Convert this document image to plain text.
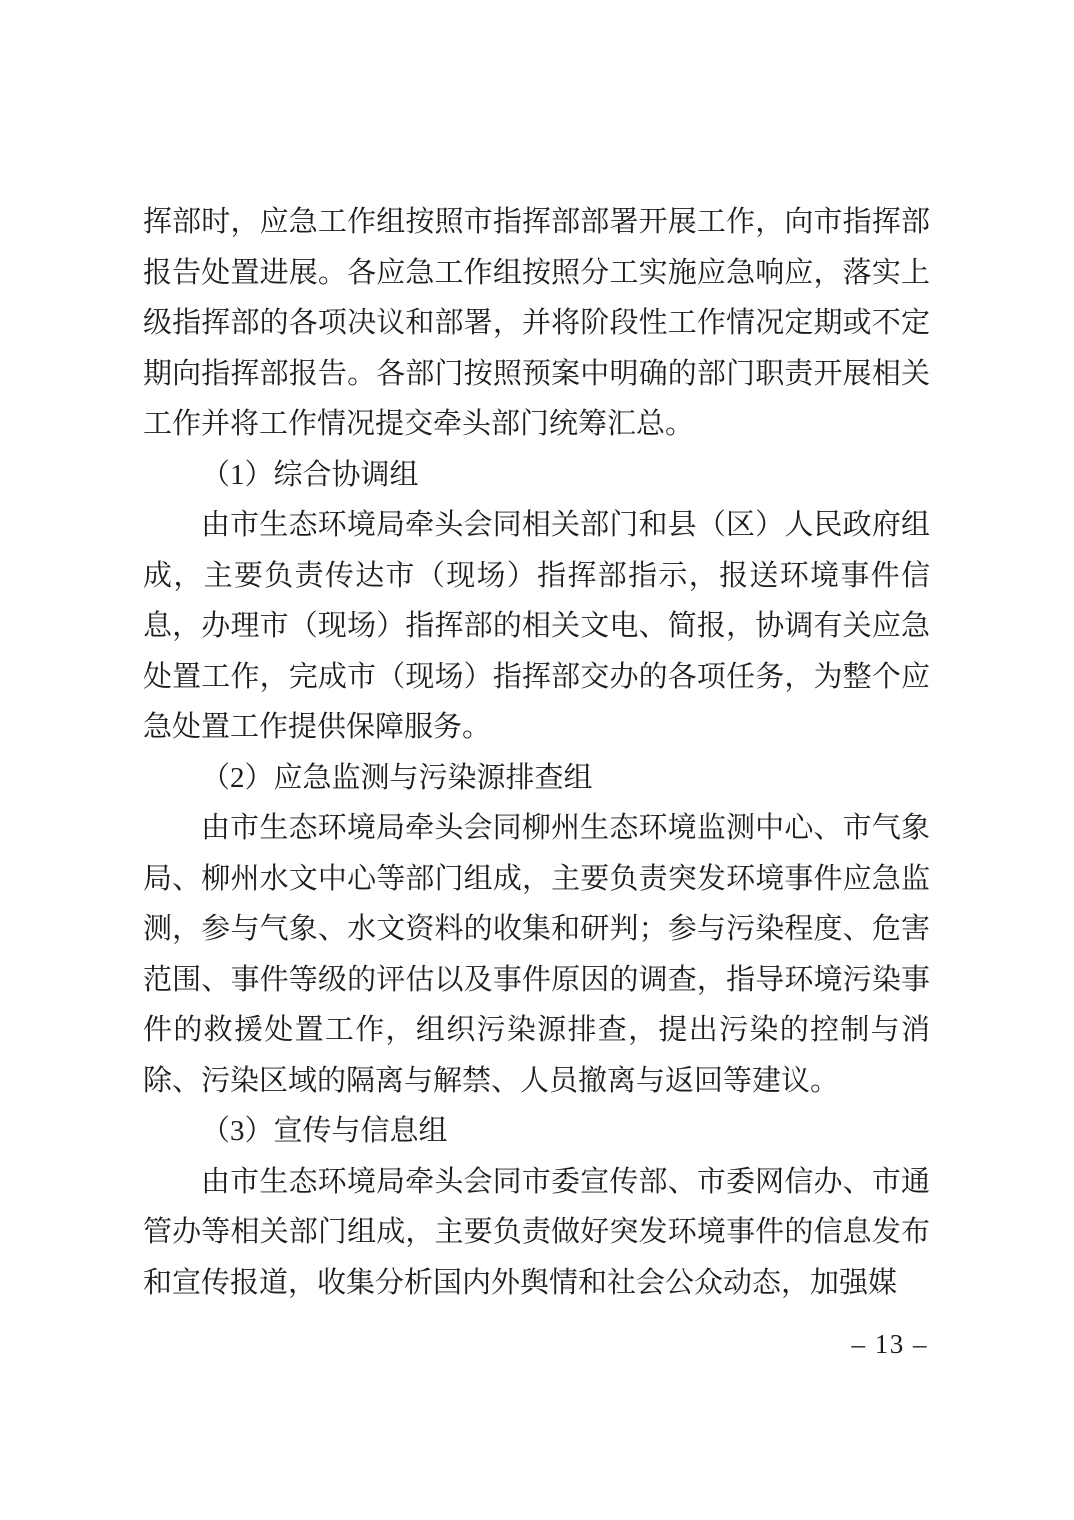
挥部时，应急工作组按照市指挥部部署开展工作，向市指挥部
报告处置进展。各应急工作组按照分工实施应急响应，落实上
级指挥部的各项决议和部署，并将阶段性工作情况定期或不定
期向指挥部报告。各部门按照预案中明确的部门职责开展相关
工作并将工作情况提交牵头部门统筹汇总。
（1）综合协调组
由市生态环境局牵头会同相关部门和县（区）人民政府组
成，主要负责传达市（现场）指挥部指示，报送环境事件信
息，办理市（现场）指挥部的相关文电、简报，协调有关应急
处置工作，完成市（现场）指挥部交办的各项任务，为整个应
急处置工作提供保障服务。
（2）应急监测与污染源排查组
由市生态环境局牵头会同柳州生态环境监测中心、市气象
局、柳州水文中心等部门组成，主要负责突发环境事件应急监
测，参与气象、水文资料的收集和研判；参与污染程度、危害
范围、事件等级的评估以及事件原因的调查，指导环境污染事
件的救援处置工作，组织污染源排查，提出污染的控制与消
除、污染区域的隔离与解禁、人员撤离与返回等建议。
（3）宣传与信息组
由市生态环境局牵头会同市委宣传部、市委网信办、市通
管办等相关部门组成，主要负责做好突发环境事件的信息发布
和宣传报道，收集分析国内外舆情和社会公众动态，加强媒
– 13 –
